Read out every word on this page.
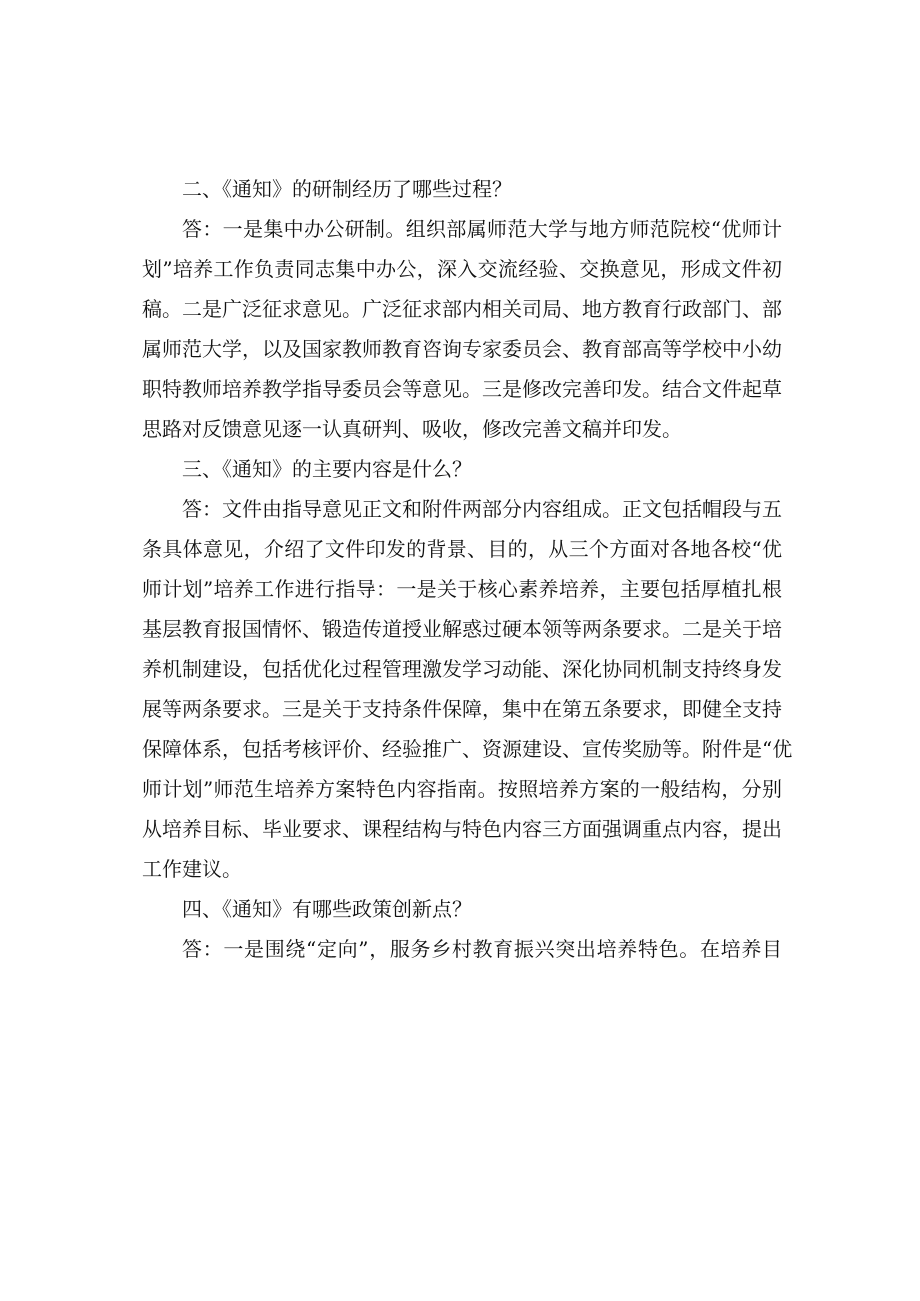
二、《通知》的研制经历了哪些过程？
答：一是集中办公研制。组织部属师范大学与地方师范院校“优师计
划”培养工作负责同志集中办公，深入交流经验、交换意见，形成文件初
稿。二是广泛征求意见。广泛征求部内相关司局、地方教育行政部门、部
属师范大学，以及国家教师教育咨询专家委员会、教育部高等学校中小幼
职特教师培养教学指导委员会等意见。三是修改完善印发。结合文件起草
思路对反馈意见逐一认真研判、吸收，修改完善文稿并印发。
三、《通知》的主要内容是什么？
答：文件由指导意见正文和附件两部分内容组成。正文包括帽段与五
条具体意见，介绍了文件印发的背景、目的，从三个方面对各地各校“优
师计划”培养工作进行指导：一是关于核心素养培养，主要包括厚植扎根
基层教育报国情怀、锻造传道授业解惑过硬本领等两条要求。二是关于培
养机制建设，包括优化过程管理激发学习动能、深化协同机制支持终身发
展等两条要求。三是关于支持条件保障，集中在第五条要求，即健全支持
保障体系，包括考核评价、经验推广、资源建设、宣传奖励等。附件是“优
师计划”师范生培养方案特色内容指南。按照培养方案的一般结构，分别
从培养目标、毕业要求、课程结构与特色内容三方面强调重点内容，提出
工作建议。
四、《通知》有哪些政策创新点？
答：一是围绕“定向”，服务乡村教育振兴突出培养特色。在培养目
